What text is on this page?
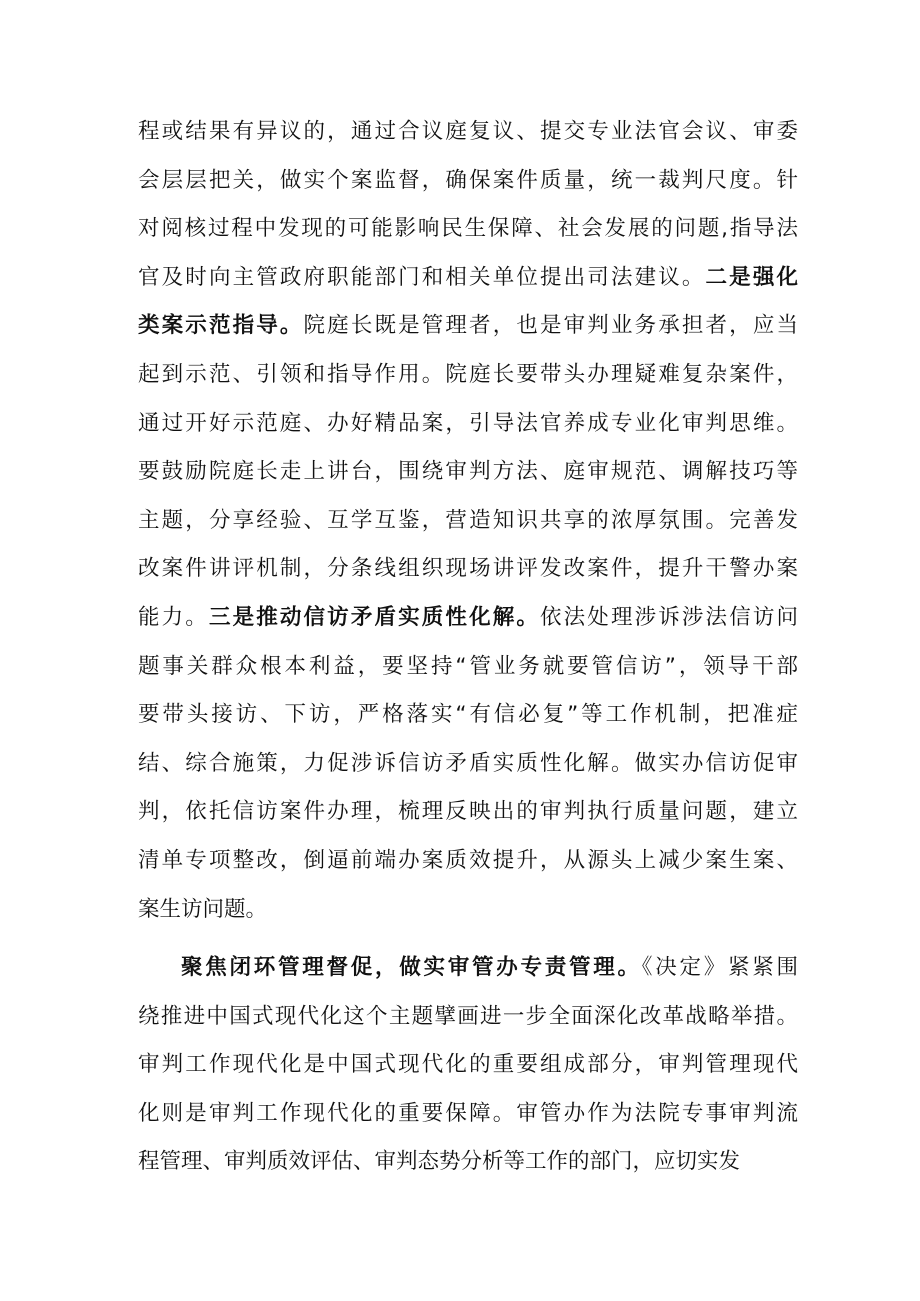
程或结果有异议的，通过合议庭复议、提交专业法官会议、审委
会层层把关，做实个案监督，确保案件质量，统一裁判尺度。针
对阅核过程中发现的可能影响民生保障、社会发展的问题,指导法
官及时向主管政府职能部门和相关单位提出司法建议。二是强化
类案示范指导。院庭长既是管理者，也是审判业务承担者，应当
起到示范、引领和指导作用。院庭长要带头办理疑难复杂案件，
通过开好示范庭、办好精品案，引导法官养成专业化审判思维。
要鼓励院庭长走上讲台，围绕审判方法、庭审规范、调解技巧等
主题，分享经验、互学互鉴，营造知识共享的浓厚氛围。完善发
改案件讲评机制，分条线组织现场讲评发改案件，提升干警办案
能力。三是推动信访矛盾实质性化解。依法处理涉诉涉法信访问
题事关群众根本利益，要坚持“管业务就要管信访”，领导干部
要带头接访、下访，严格落实“有信必复”等工作机制，把准症
结、综合施策，力促涉诉信访矛盾实质性化解。做实办信访促审
判，依托信访案件办理，梳理反映出的审判执行质量问题，建立
清单专项整改，倒逼前端办案质效提升，从源头上减少案生案、
案生访问题。
聚焦闭环管理督促，做实审管办专责管理。《决定》紧紧围
绕推进中国式现代化这个主题擘画进一步全面深化改革战略举措。
审判工作现代化是中国式现代化的重要组成部分，审判管理现代
化则是审判工作现代化的重要保障。审管办作为法院专事审判流
程管理、审判质效评估、审判态势分析等工作的部门，应切实发
